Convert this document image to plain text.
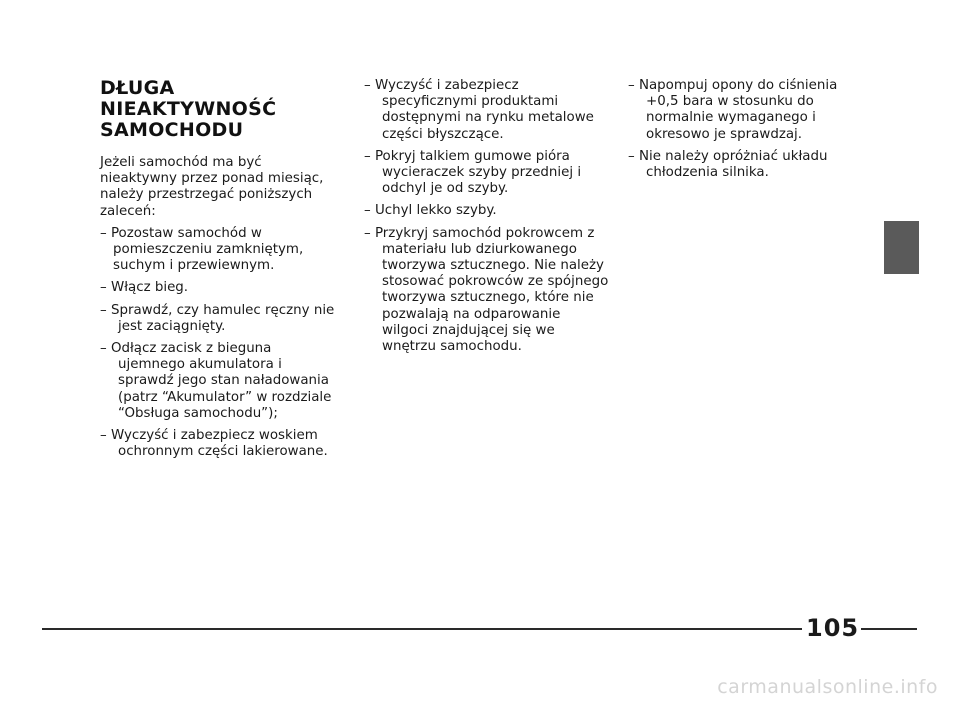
DŁUGA
NIEAKTYWNOŚĆ
SAMOCHODU

Jeżeli samochód ma być nieaktywny przez ponad miesiąc, należy przestrzegać poniższych zaleceń:

– Pozostaw samochód w pomieszczeniu zamkniętym, suchym i przewiewnym.

– Włącz bieg.

– Sprawdź, czy hamulec ręczny nie jest zaciągnięty.

– Odłącz zacisk z bieguna ujemnego akumulatora i sprawdź jego stan naładowania (patrz “Akumulator” w rozdziale “Obsługa samochodu”);

– Wyczyść i zabezpiecz woskiem ochronnym części lakierowane.

– Wyczyść i zabezpiecz specyficznymi produktami dostępnymi na rynku metalowe części błyszczące.

– Pokryj talkiem gumowe pióra wycieraczek szyby przedniej i odchyl je od szyby.

– Uchyl lekko szyby.

– Przykryj samochód pokrowcem z materiału lub dziurkowanego tworzywa sztucznego. Nie należy stosować pokrowców ze spójnego tworzywa sztucznego, które nie pozwalają na odparowanie wilgoci znajdującej się we wnętrzu samochodu.

– Napompuj opony do ciśnienia +0,5 bara w stosunku do normalnie wymaganego i okresowo je sprawdzaj.

– Nie należy opróżniać układu chłodzenia silnika.

105
carmanualsonline.info
